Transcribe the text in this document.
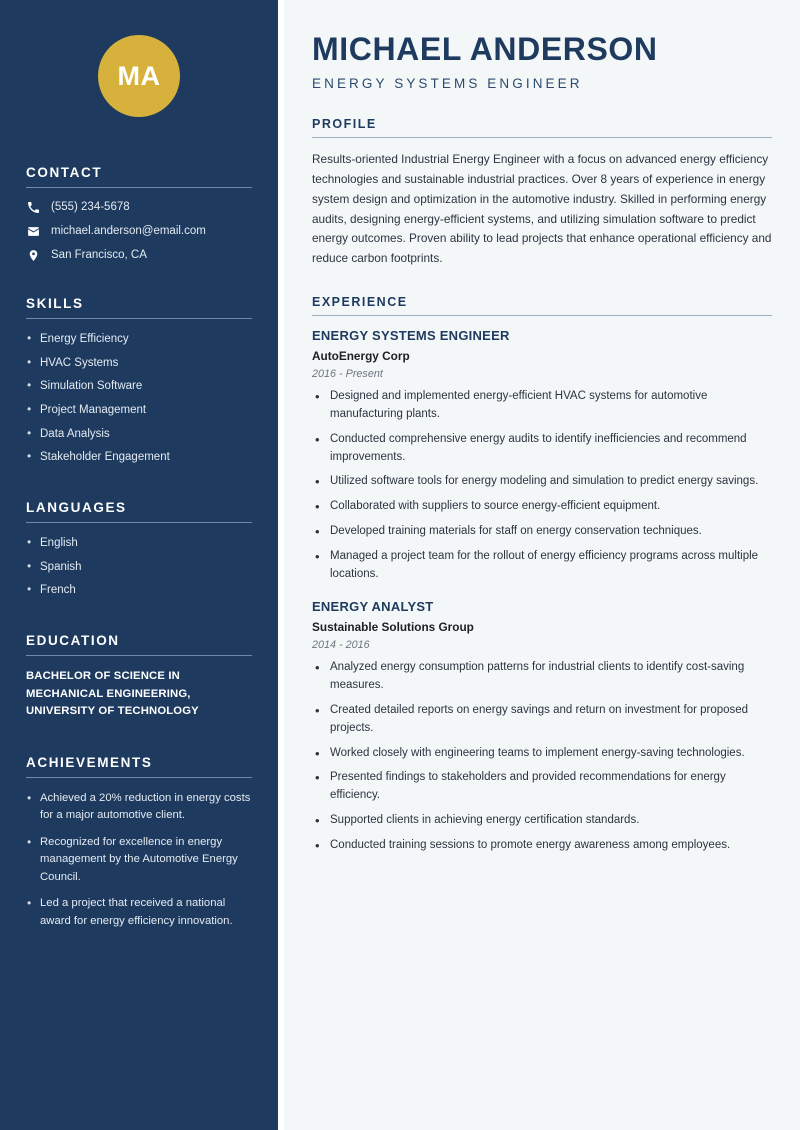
MA
CONTACT
(555) 234-5678
michael.anderson@email.com
San Francisco, CA
SKILLS
• Energy Efficiency
• HVAC Systems
• Simulation Software
• Project Management
• Data Analysis
• Stakeholder Engagement
LANGUAGES
• English
• Spanish
• French
EDUCATION
BACHELOR OF SCIENCE IN MECHANICAL ENGINEERING, UNIVERSITY OF TECHNOLOGY
ACHIEVEMENTS
• Achieved a 20% reduction in energy costs for a major automotive client.
• Recognized for excellence in energy management by the Automotive Energy Council.
• Led a project that received a national award for energy efficiency innovation.
MICHAEL ANDERSON
ENERGY SYSTEMS ENGINEER
PROFILE

Results-oriented Industrial Energy Engineer with a focus on advanced energy efficiency technologies and sustainable industrial practices. Over 8 years of experience in energy system design and optimization in the automotive industry. Skilled in performing energy audits, designing energy-efficient systems, and utilizing simulation software to predict energy outcomes. Proven ability to lead projects that enhance operational efficiency and reduce carbon footprints.

EXPERIENCE
ENERGY SYSTEMS ENGINEER
AutoEnergy Corp
2016 - Present
• Designed and implemented energy-efficient HVAC systems for automotive manufacturing plants.
• Conducted comprehensive energy audits to identify inefficiencies and recommend improvements.
• Utilized software tools for energy modeling and simulation to predict energy savings.
• Collaborated with suppliers to source energy-efficient equipment.
• Developed training materials for staff on energy conservation techniques.
• Managed a project team for the rollout of energy efficiency programs across multiple locations.
ENERGY ANALYST
Sustainable Solutions Group
2014 - 2016
• Analyzed energy consumption patterns for industrial clients to identify cost-saving measures.
• Created detailed reports on energy savings and return on investment for proposed projects.
• Worked closely with engineering teams to implement energy-saving technologies.
• Presented findings to stakeholders and provided recommendations for energy efficiency.
• Supported clients in achieving energy certification standards.
• Conducted training sessions to promote energy awareness among employees.
